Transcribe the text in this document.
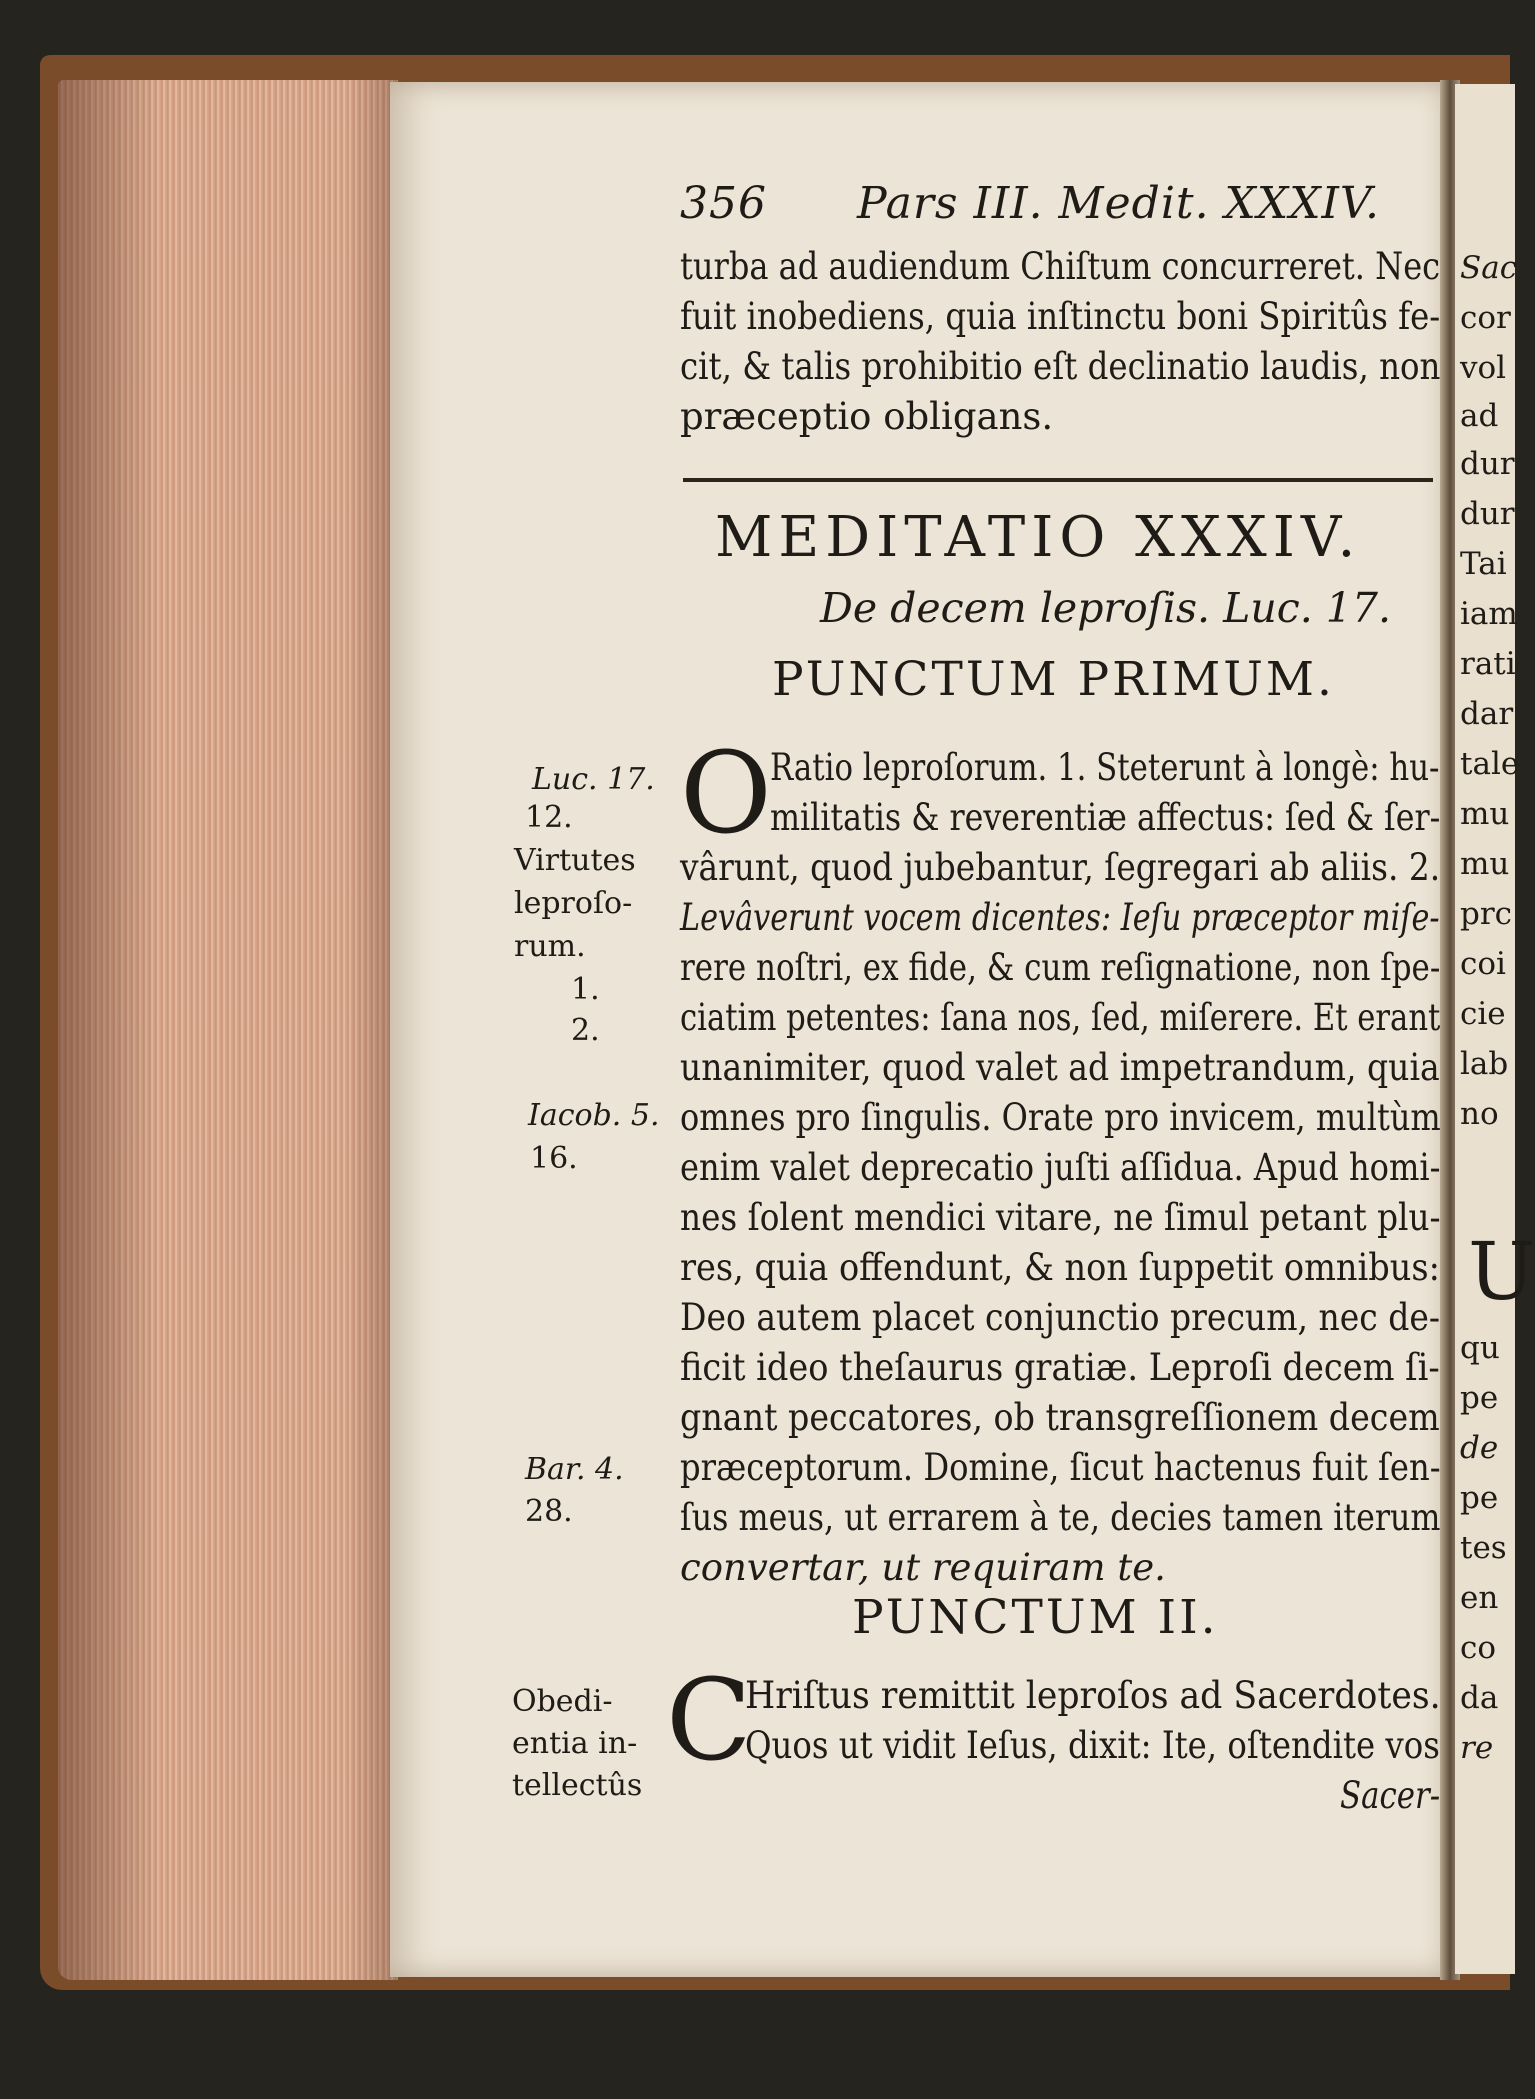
356 Pars III. Medit. XXXIV.
turba ad audiendum Chiſtum concurreret. Nec
fuit inobediens, quia inſtinctu boni Spiritûs fe-
cit, & talis prohibitio eſt declinatio laudis, non
præceptio obligans.
MEDITATIO XXXIV.
De decem leproſis. Luc. 17.
PUNCTUM PRIMUM.
O
Ratio leproſorum. 1. Steterunt à longè: hu-
militatis & reverentiæ affectus: ſed & ſer-
vârunt, quod jubebantur, ſegregari ab aliis. 2.
Levâverunt vocem dicentes: Ieſu præceptor miſe-
rere noſtri, ex fide, & cum reſignatione, non ſpe-
ciatim petentes: ſana nos, ſed, miſerere. Et erant
unanimiter, quod valet ad impetrandum, quia
omnes pro ſingulis. Orate pro invicem, multùm
enim valet deprecatio juſti aſſidua. Apud homi-
nes ſolent mendici vitare, ne ſimul petant plu-
res, quia offendunt, & non ſuppetit omnibus:
Deo autem placet conjunctio precum, nec de-
ficit ideo theſaurus gratiæ. Leproſi decem ſi-
gnant peccatores, ob transgreſſionem decem
præceptorum. Domine, ſicut hactenus fuit ſen-
ſus meus, ut errarem à te, decies tamen iterum
convertar, ut requiram te.
PUNCTUM II.
C
Hriſtus remittit leproſos ad Sacerdotes.
Quos ut vidit Ieſus, dixit: Ite, oſtendite vos
Sacer-
Luc. 17.
12.
Virtutes
leproſo-
rum.
1.
2.
Iacob. 5.
16.
Bar. 4.
28.
Obedi-
entia in-
tellectûs
Sac
cor
vol
ad
dur
dur
Tai
iam
rati
dar
tale
mu
mu
prc
coi
cie
lab
no
U
qu
pe
de
pe
tes
en
co
da
re
